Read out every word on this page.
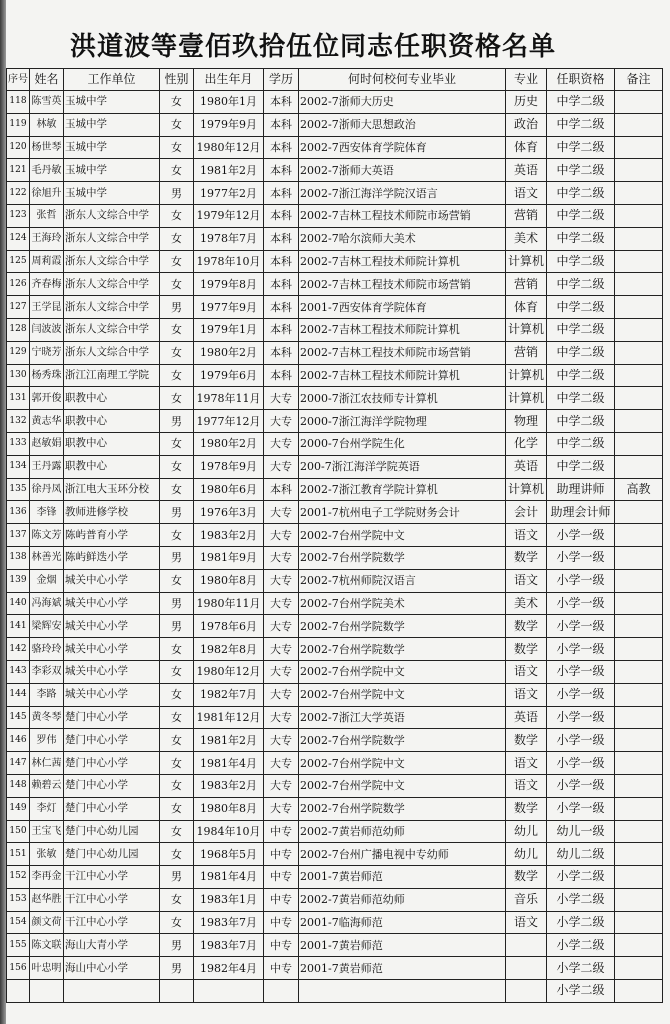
洪道波等壹佰玖拾伍位同志任职资格名单
序号	姓名	工作单位	性别	出生年月	学历	何时何校何专业毕业	专业	任职资格	备注
118	陈雪英	玉城中学	女	1980年1月	本科	2002-7浙师大历史	历史	中学二级	
119	林敏	玉城中学	女	1979年9月	本科	2002-7浙师大思想政治	政治	中学二级	
120	杨世琴	玉城中学	女	1980年12月	本科	2002-7西安体育学院体育	体育	中学二级	
121	毛丹敏	玉城中学	女	1981年2月	本科	2002-7浙师大英语	英语	中学二级	
122	徐旭升	玉城中学	男	1977年2月	本科	2002-7浙江海洋学院汉语言	语文	中学二级	
123	张哲	浙东人文综合中学	女	1979年12月	本科	2002-7吉林工程技术师院市场营销	营销	中学二级	
124	王海玲	浙东人文综合中学	女	1978年7月	本科	2002-7哈尔滨师大美术	美术	中学二级	
125	周莉霞	浙东人文综合中学	女	1978年10月	本科	2002-7吉林工程技术师院计算机	计算机	中学二级	
126	齐春梅	浙东人文综合中学	女	1979年8月	本科	2002-7吉林工程技术师院市场营销	营销	中学二级	
127	王学昆	浙东人文综合中学	男	1977年9月	本科	2001-7西安体育学院体育	体育	中学二级	
128	闫波波	浙东人文综合中学	女	1979年1月	本科	2002-7吉林工程技术师院计算机	计算机	中学二级	
129	宁晓芳	浙东人文综合中学	女	1980年2月	本科	2002-7吉林工程技术师院市场营销	营销	中学二级	
130	杨秀珠	浙江江南理工学院	女	1979年6月	本科	2002-7吉林工程技术师院计算机	计算机	中学二级	
131	郭开俊	职教中心	女	1978年11月	大专	2000-7浙江农技师专计算机	计算机	中学二级	
132	黄志华	职教中心	男	1977年12月	大专	2000-7浙江海洋学院物理	物理	中学二级	
133	赵敏娟	职教中心	女	1980年2月	大专	2000-7台州学院生化	化学	中学二级	
134	王丹露	职教中心	女	1978年9月	大专	200-7浙江海洋学院英语	英语	中学二级	
135	徐丹凤	浙江电大玉环分校	女	1980年6月	本科	2002-7浙江教育学院计算机	计算机	助理讲师	高教
136	李锋	教师进修学校	男	1976年3月	大专	2001-7杭州电子工学院财务会计	会计	助理会计师	
137	陈文芳	陈屿普育小学	女	1983年2月	大专	2002-7台州学院中文	语文	小学一级	
138	林善光	陈屿鲜迭小学	男	1981年9月	大专	2002-7台州学院数学	数学	小学一级	
139	金烟	城关中心小学	女	1980年8月	大专	2002-7杭州师院汉语言	语文	小学一级	
140	冯海斌	城关中心小学	男	1980年11月	大专	2002-7台州学院美术	美术	小学一级	
141	梁辉安	城关中心小学	男	1978年6月	大专	2002-7台州学院数学	数学	小学一级	
142	骆玲玲	城关中心小学	女	1982年8月	大专	2002-7台州学院数学	数学	小学一级	
143	李彩双	城关中心小学	女	1980年12月	大专	2002-7台州学院中文	语文	小学一级	
144	李路	城关中心小学	女	1982年7月	大专	2002-7台州学院中文	语文	小学一级	
145	黄冬琴	楚门中心小学	女	1981年12月	大专	2002-7浙江大学英语	英语	小学一级	
146	罗伟	楚门中心小学	女	1981年2月	大专	2002-7台州学院数学	数学	小学一级	
147	林仁茜	楚门中心小学	女	1981年4月	大专	2002-7台州学院中文	语文	小学一级	
148	赖碧云	楚门中心小学	女	1983年2月	大专	2002-7台州学院中文	语文	小学一级	
149	李灯	楚门中心小学	女	1980年8月	大专	2002-7台州学院数学	数学	小学一级	
150	王宝飞	楚门中心幼儿园	女	1984年10月	中专	2002-7黄岩师范幼师	幼儿	幼儿一级	
151	张敏	楚门中心幼儿园	女	1968年5月	中专	2002-7台州广播电视中专幼师	幼儿	幼儿二级	
152	李再金	干江中心小学	男	1981年4月	中专	2001-7黄岩师范	数学	小学二级	
153	赵华胜	干江中心小学	女	1983年1月	中专	2002-7黄岩师范幼师	音乐	小学二级	
154	颜文荷	干江中心小学	女	1983年7月	中专	2001-7临海师范	语文	小学二级	
155	陈文联	海山大青小学	男	1983年7月	中专	2001-7黄岩师范		小学二级	
156	叶忠明	海山中心小学	男	1982年4月	中专	2001-7黄岩师范		小学二级	
								小学二级	
